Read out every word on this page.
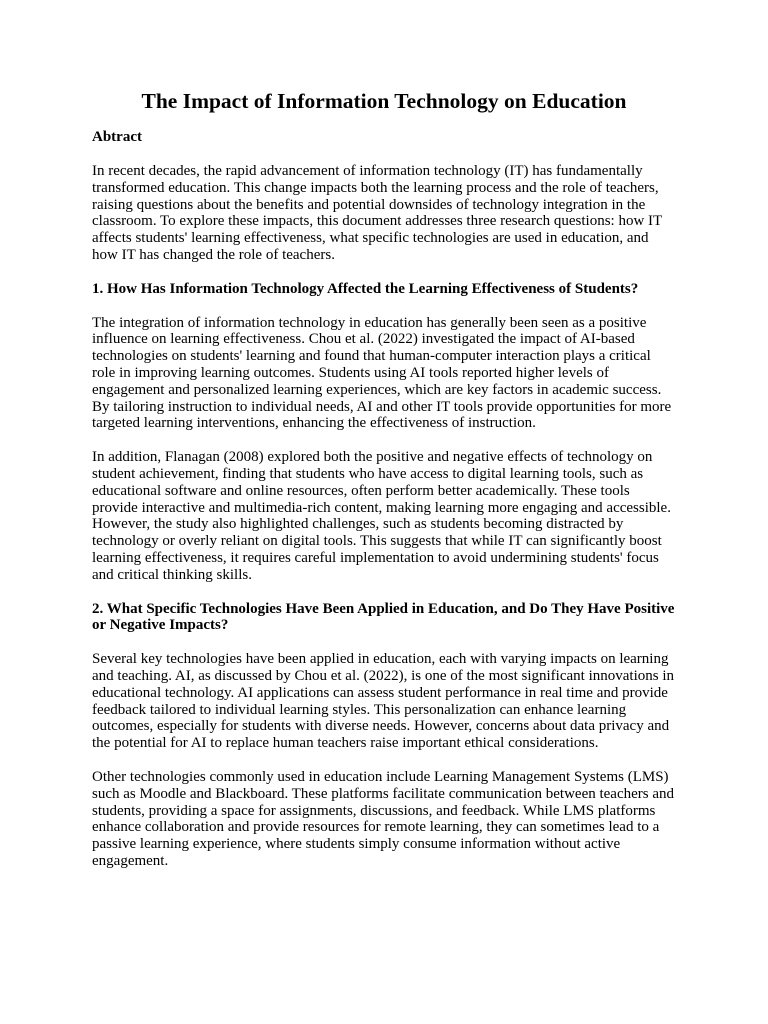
The Impact of Information Technology on Education
Abtract

In recent decades, the rapid advancement of information technology (IT) has fundamentally transformed education. This change impacts both the learning process and the role of teachers, raising questions about the benefits and potential downsides of technology integration in the classroom. To explore these impacts, this document addresses three research questions: how IT affects students' learning effectiveness, what specific technologies are used in education, and how IT has changed the role of teachers.

1. How Has Information Technology Affected the Learning Effectiveness of Students?

The integration of information technology in education has generally been seen as a positive influence on learning effectiveness. Chou et al. (2022) investigated the impact of AI-based technologies on students' learning and found that human-computer interaction plays a critical role in improving learning outcomes. Students using AI tools reported higher levels of engagement and personalized learning experiences, which are key factors in academic success. By tailoring instruction to individual needs, AI and other IT tools provide opportunities for more targeted learning interventions, enhancing the effectiveness of instruction.

In addition, Flanagan (2008) explored both the positive and negative effects of technology on student achievement, finding that students who have access to digital learning tools, such as educational software and online resources, often perform better academically. These tools provide interactive and multimedia-rich content, making learning more engaging and accessible. However, the study also highlighted challenges, such as students becoming distracted by technology or overly reliant on digital tools. This suggests that while IT can significantly boost learning effectiveness, it requires careful implementation to avoid undermining students' focus and critical thinking skills.

2. What Specific Technologies Have Been Applied in Education, and Do They Have Positive or Negative Impacts?

Several key technologies have been applied in education, each with varying impacts on learning and teaching. AI, as discussed by Chou et al. (2022), is one of the most significant innovations in educational technology. AI applications can assess student performance in real time and provide feedback tailored to individual learning styles. This personalization can enhance learning outcomes, especially for students with diverse needs. However, concerns about data privacy and the potential for AI to replace human teachers raise important ethical considerations.

Other technologies commonly used in education include Learning Management Systems (LMS) such as Moodle and Blackboard. These platforms facilitate communication between teachers and students, providing a space for assignments, discussions, and feedback. While LMS platforms enhance collaboration and provide resources for remote learning, they can sometimes lead to a passive learning experience, where students simply consume information without active engagement.
